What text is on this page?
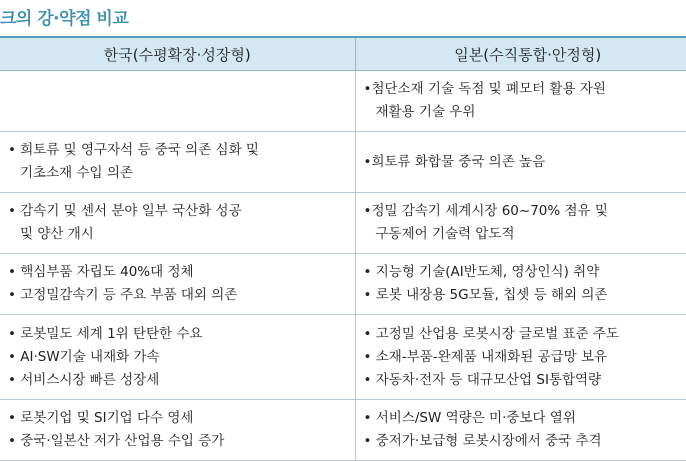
크의 강·약점 비교
한국(수평확장·성장형)	일본(수직통합·안정형)

	•첨단소재 기술 독점 및 폐모터 활용 자원
재활용 기술 우위

• 희토류 및 영구자석 등 중국 의존 심화 및
기초소재 수입 의존	•희토류 화합물 중국 의존 높음

• 감속기 및 센서 분야 일부 국산화 성공
및 양산 개시	•정밀 감속기 세계시장 60~70% 점유 및
구동제어 기술력 압도적

• 핵심부품 자립도 40%대 정체
• 고정밀감속기 등 주요 부품 대외 의존	• 지능형 기술(AI반도체, 영상인식) 취약
• 로봇 내장용 5G모듈, 칩셋 등 해외 의존

• 로봇밀도 세계 1위 탄탄한 수요
• AI·SW기술 내재화 가속
• 서비스시장 빠른 성장세	• 고정밀 산업용 로봇시장 글로벌 표준 주도
• 소재-부품-완제품 내재화된 공급망 보유
• 자동차·전자 등 대규모산업 SI통합역량

• 로봇기업 및 SI기업 다수 영세
• 중국·일본산 저가 산업용 수입 증가	• 서비스/SW 역량은 미·중보다 열위
• 중저가·보급형 로봇시장에서 중국 추격
